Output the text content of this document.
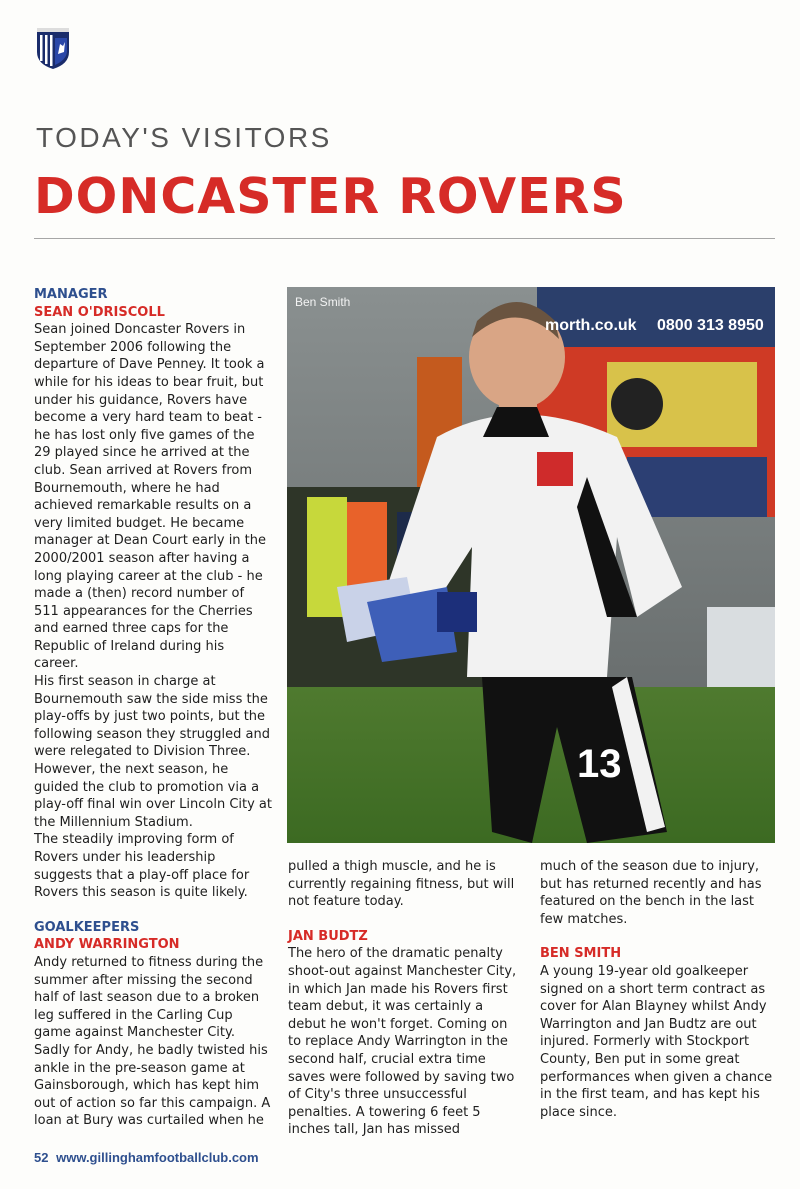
TODAY'S VISITORS
DONCASTER ROVERS

MANAGER

SEAN O'DRISCOLL

Sean joined Doncaster Rovers in September 2006 following the departure of Dave Penney. It took a while for his ideas to bear fruit, but under his guidance, Rovers have become a very hard team to beat - he has lost only five games of the 29 played since he arrived at the club. Sean arrived at Rovers from Bournemouth, where he had achieved remarkable results on a very limited budget. He became manager at Dean Court early in the 2000/2001 season after having a long playing career at the club - he made a (then) record number of 511 appearances for the Cherries and earned three caps for the Republic of Ireland during his career.

His first season in charge at Bournemouth saw the side miss the play-offs by just two points, but the following season they struggled and were relegated to Division Three. However, the next season, he guided the club to promotion via a play-off final win over Lincoln City at the Millennium Stadium.

The steadily improving form of Rovers under his leadership suggests that a play-off place for Rovers this season is quite likely.

GOALKEEPERS

ANDY WARRINGTON

Andy returned to fitness during the summer after missing the second half of last season due to a broken leg suffered in the Carling Cup game against Manchester City. Sadly for Andy, he badly twisted his ankle in the pre-season game at Gainsborough, which has kept him out of action so far this campaign. A loan at Bury was curtailed when he

13
morth.co.uk 0800 313 8950
Ben Smith

pulled a thigh muscle, and he is currently regaining fitness, but will not feature today.

JAN BUDTZ

The hero of the dramatic penalty shoot-out against Manchester City, in which Jan made his Rovers first team debut, it was certainly a debut he won't forget. Coming on to replace Andy Warrington in the second half, crucial extra time saves were followed by saving two of City's three unsuccessful penalties. A towering 6 feet 5 inches tall, Jan has missed

much of the season due to injury, but has returned recently and has featured on the bench in the last few matches.

BEN SMITH

A young 19-year old goalkeeper signed on a short term contract as cover for Alan Blayney whilst Andy Warrington and Jan Budtz are out injured. Formerly with Stockport County, Ben put in some great performances when given a chance in the first team, and has kept his place since.

52 www.gillinghamfootballclub.com
